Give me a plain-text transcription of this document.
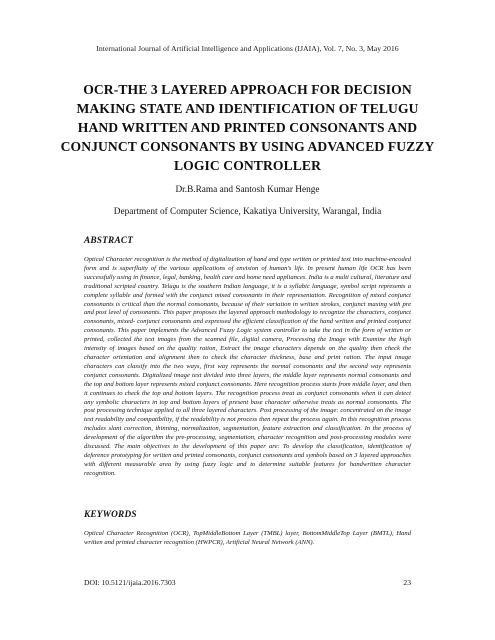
International Journal of Artificial Intelligence and Applications (IJAIA), Vol. 7, No. 3, May 2016
OCR-THE 3 LAYERED APPROACH FOR DECISION MAKING STATE AND IDENTIFICATION OF TELUGU HAND WRITTEN AND PRINTED CONSONANTS AND CONJUNCT CONSONANTS BY USING ADVANCED FUZZY LOGIC CONTROLLER
Dr.B.Rama and Santosh Kumar Henge
Department of Computer Science, Kakatiya University, Warangal, India
ABSTRACT
Optical Character recognition is the method of digitalization of hand and type written or printed text into machine-encoded form and is superfluity of the various applications of envision of human's life. In present human life OCR has been successfully using in finance, legal, banking, health care and home need appliances. India is a multi cultural, literature and traditional scripted country. Telugu is the southern Indian language, it is a syllabic language, symbol script represents a complete syllable and formed with the conjunct mixed consonants in their representation. Recognition of mixed conjunct consonants is critical than the normal consonants, because of their variation in written strokes, conjunct maxing with pre and post level of consonants. This paper proposes the layered approach methodology to recognize the characters, conjunct consonants, mixed- conjunct consonants and expressed the efficient classification of the hand written and printed conjunct consonants. This paper implements the Advanced Fuzzy Logic system controller to take the text in the form of written or printed, collected the text images from the scanned file, digital camera, Processing the Image with Examine the high intensity of images based on the quality ration, Extract the image characters depends on the quality then check the character orientation and alignment then to check the character thickness, base and print ration. The input image characters can classify into the two ways, first way represents the normal consonants and the second way represents conjunct consonants. Digitalized image text divided into three layers, the middle layer represents normal consonants and the top and bottom layer represents mixed conjunct consonants. Here recognition process starts from middle layer, and then it continues to check the top and bottom layers. The recognition process treat as conjunct consonants when it can detect any symbolic characters in top and bottom layers of present base character otherwise treats as normal consonants. The post processing technique applied to all three layered characters. Post processing of the image: concentrated on the image text readability and compatibility, if the readability is not process then repeat the process again. In this recognition process includes slant correction, thinning, normalization, segmentation, feature extraction and classification. In the process of development of the algorithm the pre-processing, segmentation, character recognition and post-processing modules were discussed. The main objectives to the development of this paper are: To develop the classification, identification of deference prototyping for written and printed consonants, conjunct consonants and symbols based on 3 layered approaches with different measurable area by using fuzzy logic and to determine suitable features for handwritten character recognition.
KEYWORDS
Optical Character Recognition (OCR), TopMiddleBottom Layer (TMBL) layer, BottomMiddleTop Layer (BMTL), Hand written and printed character recognition (HWPCR), Artificial Neural Network (ANN).
DOI: 10.5121/ijaia.2016.7303	23
